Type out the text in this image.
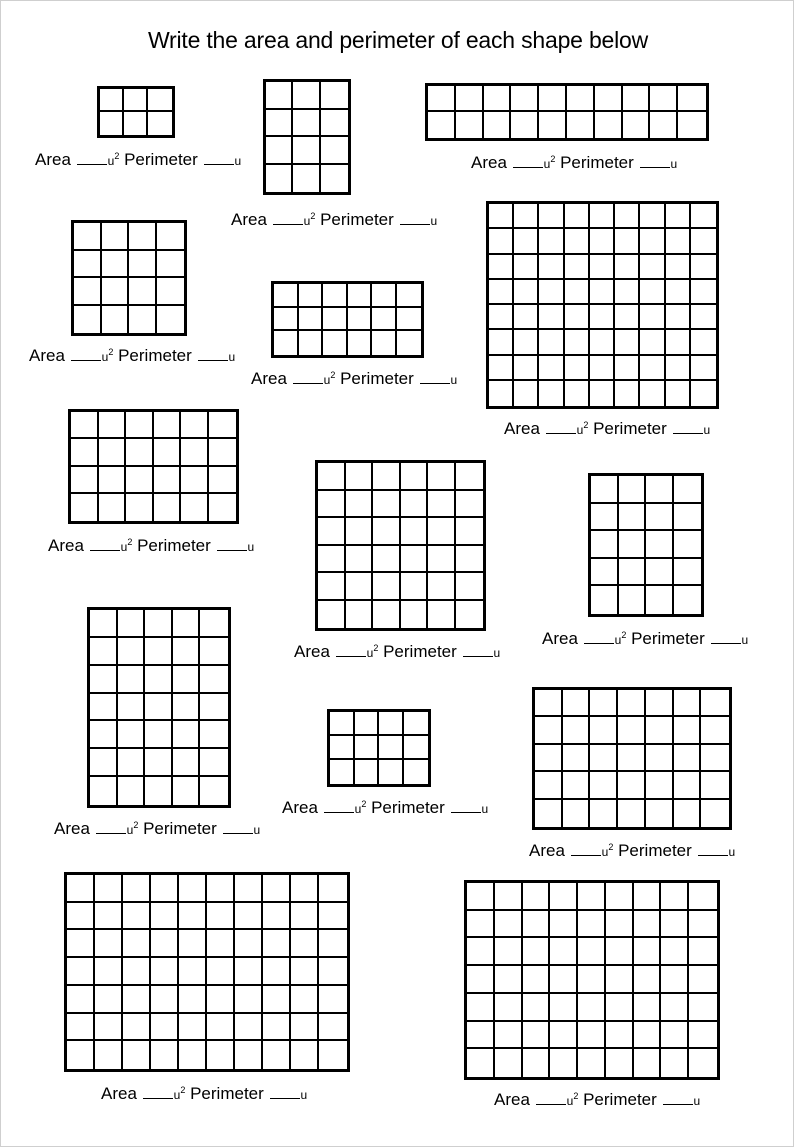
Write the area and perimeter of each shape below
Area	$u^2$ Perimeter	u
Area	$u^2$ Perimeter	u
Area	$u^2$ Perimeter	u
Area	$u^2$ Perimeter	u
Area	$u^2$ Perimeter	u
Area	$u^2$ Perimeter	u
Area	$u^2$ Perimeter	u
Area	$u^2$ Perimeter	u
Area	$u^2$ Perimeter	u
Area	$u^2$ Perimeter	u
Area	$u^2$ Perimeter	u
Area	$u^2$ Perimeter	u
Area	$u^2$ Perimeter	u	Area	$u^2$ Perimeter	u
